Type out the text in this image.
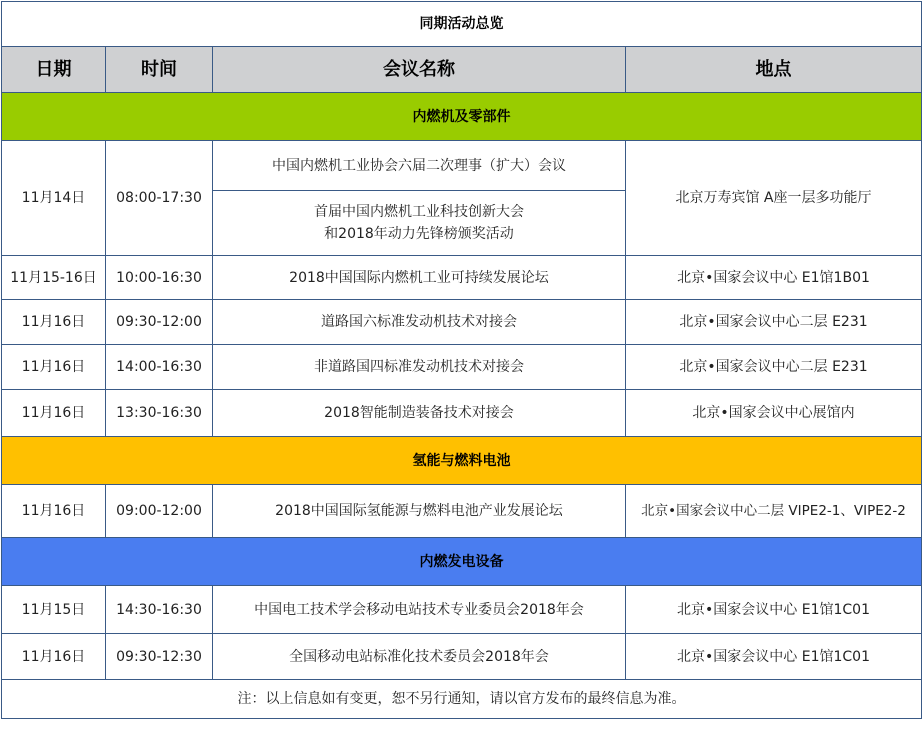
同期活动总览			
日期	时间	会议名称	地点
内燃机及零部件			
11月14日	08:00-17:30	中国内燃机工业协会六届二次理事（扩大）会议	北京万寿宾馆 A座一层多功能厅

		首届中国内燃机工业科技创新大会
和2018年动力先锋榜颁奖活动	

11月15-16日	10:00-16:30	2018中国国际内燃机工业可持续发展论坛	北京•国家会议中心 E1馆1B01
11月16日	09:30-12:00	道路国六标准发动机技术对接会	北京•国家会议中心二层 E231
11月16日	14:00-16:30	非道路国四标准发动机技术对接会	北京•国家会议中心二层 E231
11月16日	13:30-16:30	2018智能制造装备技术对接会	北京•国家会议中心展馆内
氢能与燃料电池			
11月16日	09:00-12:00	2018中国国际氢能源与燃料电池产业发展论坛	北京•国家会议中心二层 VIPE2-1、VIPE2-2
内燃发电设备			
11月15日	14:30-16:30	中国电工技术学会移动电站技术专业委员会2018年会	北京•国家会议中心 E1馆1C01
11月16日	09:30-12:30	全国移动电站标准化技术委员会2018年会	北京•国家会议中心 E1馆1C01
注：以上信息如有变更，恕不另行通知，请以官方发布的最终信息为准。			
